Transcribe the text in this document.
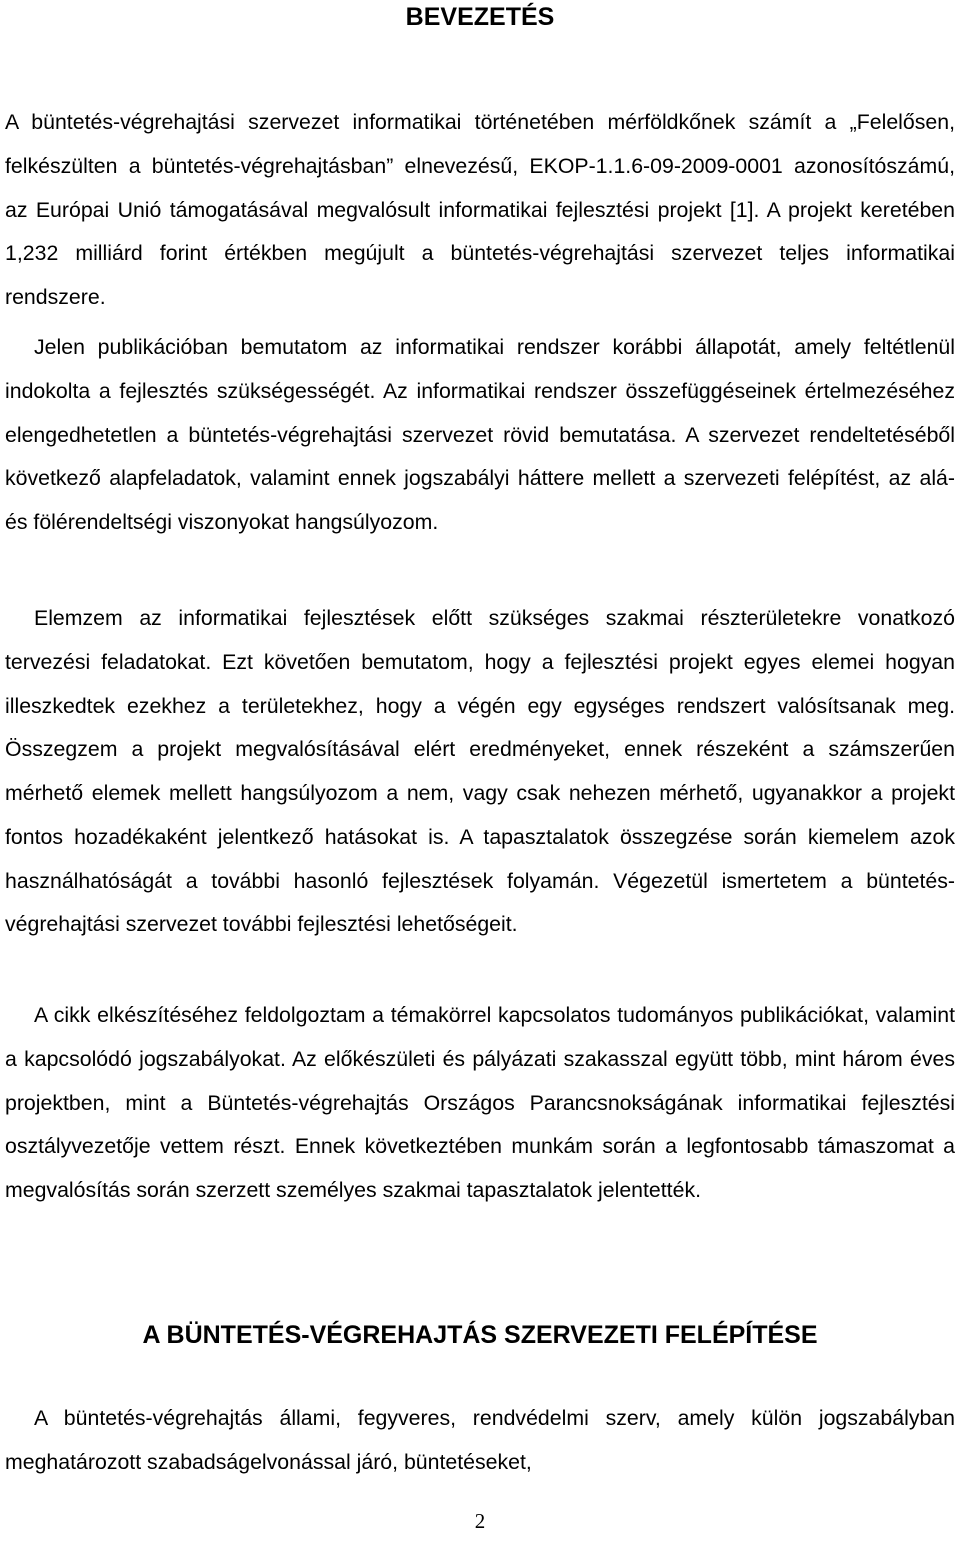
BEVEZETÉS

A büntetés-végrehajtási szervezet informatikai történetében mérföldkőnek számít a „Felelősen, felkészülten a büntetés-végrehajtásban” elnevezésű, EKOP-1.1.6-09-2009-0001 azonosítószámú, az Európai Unió támogatásával megvalósult informatikai fejlesztési projekt [1]. A projekt keretében 1,232 milliárd forint értékben megújult a büntetés-végrehajtási szervezet teljes informatikai rendszere.

Jelen publikációban bemutatom az informatikai rendszer korábbi állapotát, amely feltétlenül indokolta a fejlesztés szükségességét. Az informatikai rendszer összefüggéseinek értelmezéséhez elengedhetetlen a büntetés-végrehajtási szervezet rövid bemutatása. A szervezet rendeltetéséből következő alapfeladatok, valamint ennek jogszabályi háttere mellett a szervezeti felépítést, az alá- és fölérendeltségi viszonyokat hangsúlyozom.

Elemzem az informatikai fejlesztések előtt szükséges szakmai részterületekre vonatkozó tervezési feladatokat. Ezt követően bemutatom, hogy a fejlesztési projekt egyes elemei hogyan illeszkedtek ezekhez a területekhez, hogy a végén egy egységes rendszert valósítsanak meg. Összegzem a projekt megvalósításával elért eredményeket, ennek részeként a számszerűen mérhető elemek mellett hangsúlyozom a nem, vagy csak nehezen mérhető, ugyanakkor a projekt fontos hozadékaként jelentkező hatásokat is. A tapasztalatok összegzése során kiemelem azok használhatóságát a további hasonló fejlesztések folyamán. Végezetül ismertetem a büntetés-végrehajtási szervezet további fejlesztési lehetőségeit.

A cikk elkészítéséhez feldolgoztam a témakörrel kapcsolatos tudományos publikációkat, valamint a kapcsolódó jogszabályokat. Az előkészületi és pályázati szakasszal együtt több, mint három éves projektben, mint a Büntetés-végrehajtás Országos Parancsnokságának informatikai fejlesztési osztályvezetője vettem részt. Ennek következtében munkám során a legfontosabb támaszomat a megvalósítás során szerzett személyes szakmai tapasztalatok jelentették.

A BÜNTETÉS-VÉGREHAJTÁS SZERVEZETI FELÉPÍTÉSE

A büntetés-végrehajtás állami, fegyveres, rendvédelmi szerv, amely külön jogszabályban meghatározott szabadságelvonással járó, büntetéseket,

2
